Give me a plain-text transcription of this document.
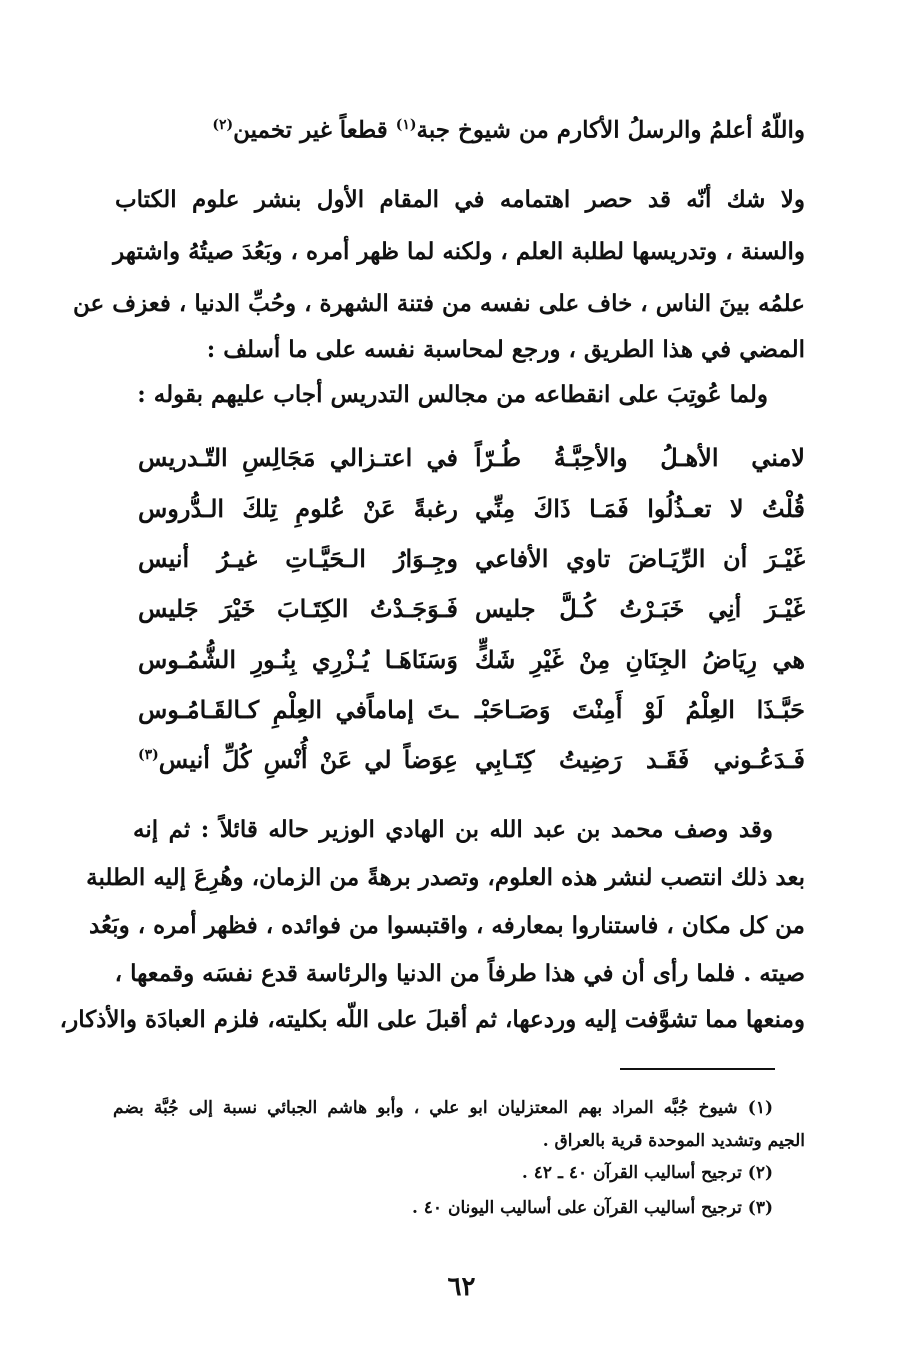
واللّهُ أعلمُ والرسلُ الأكارم من شيوخ جبة$^{(١)}$ قطعاً غير تخمين$^{(٢)}$
ولا شك أنّه قد حصر اهتمامه في المقام الأول بنشر علوم الكتاب
والسنة ، وتدريسها لطلبة العلم ، ولكنه لما ظهر أمره ، وبَعُدَ صيتُهُ واشتهر
علمُه بينَ الناس ، خاف على نفسه من فتنة الشهرة ، وحُبِّ الدنيا ، فعزف عن
المضي في هذا الطريق ، ورجع لمحاسبة نفسه على ما أسلف :
ولما عُوتِبَ على انقطاعه من مجالس التدريس أجاب عليهم بقوله :
لامني الأهـلُ والأحِبَّـةُ طُـرّاً
في اعتـزالي مَجَالِسِ التّـدريس
قُلْتُ لا تعـذُلُوا فَمَـا ذَاكَ مِنِّي
رغبةً عَنْ عُلومِ تِلكَ الـدُّروس
غَيْـرَ أن الرِّيَـاضَ تاوي الأفاعي
وجِـوَارُ الـحَيَّـاتِ غيـرُ أنيس
غَيْـرَ أنِي خَبَـرْتُ كُـلَّ جليس
فَـوَجَـدْتُ الكِتَـابَ خَيْرَ جَليس
هي رِيَاضُ الجِنَانِ مِنْ غَيْرِ شَكٍّ
وَسَنَاهَـا يُـزْرِي بِنُـورِ الشُّمُـوس
حَبَّـذَا العِلْمُ لَوْ أَمِنْتَ وَصَـاحَبْـ
ـتَ إماماًفي العِلْمِ كـالقَـامُـوس
فَـدَعُـوني فَقَـد رَضِيتُ كِتَـابِي
عِوَضاً لي عَنْ أُنْسِ كُلِّ أنيس$^{(٣)}$
وقد وصف محمد بن عبد الله بن الهادي الوزير حاله قائلاً : ثم إنه
بعد ذلك انتصب لنشر هذه العلوم، وتصدر برهةً من الزمان، وهُرِعَ إليه الطلبة
من كل مكان ، فاستناروا بمعارفه ، واقتبسوا من فوائده ، فظهر أمره ، وبَعُد
صيته . فلما رأى أن في هذا طرفاً من الدنيا والرئاسة قدع نفسَه وقمعها ،
ومنعها مما تشوَّفت إليه وردعها، ثم أقبلَ على اللّه بكليته، فلزم العبادَة والأذكار،
(١) شيوخ جُبَّه المراد بهم المعتزليان ابو علي ، وأبو هاشم الجبائي نسبة إلى جُبَّة بضم
الجيم وتشديد الموحدة قرية بالعراق .
(٢) ترجيح أساليب القرآن ٤٠ ـ ٤٢ .
(٣) ترجيح أساليب القرآن على أساليب اليونان ٤٠ .
٦٢
